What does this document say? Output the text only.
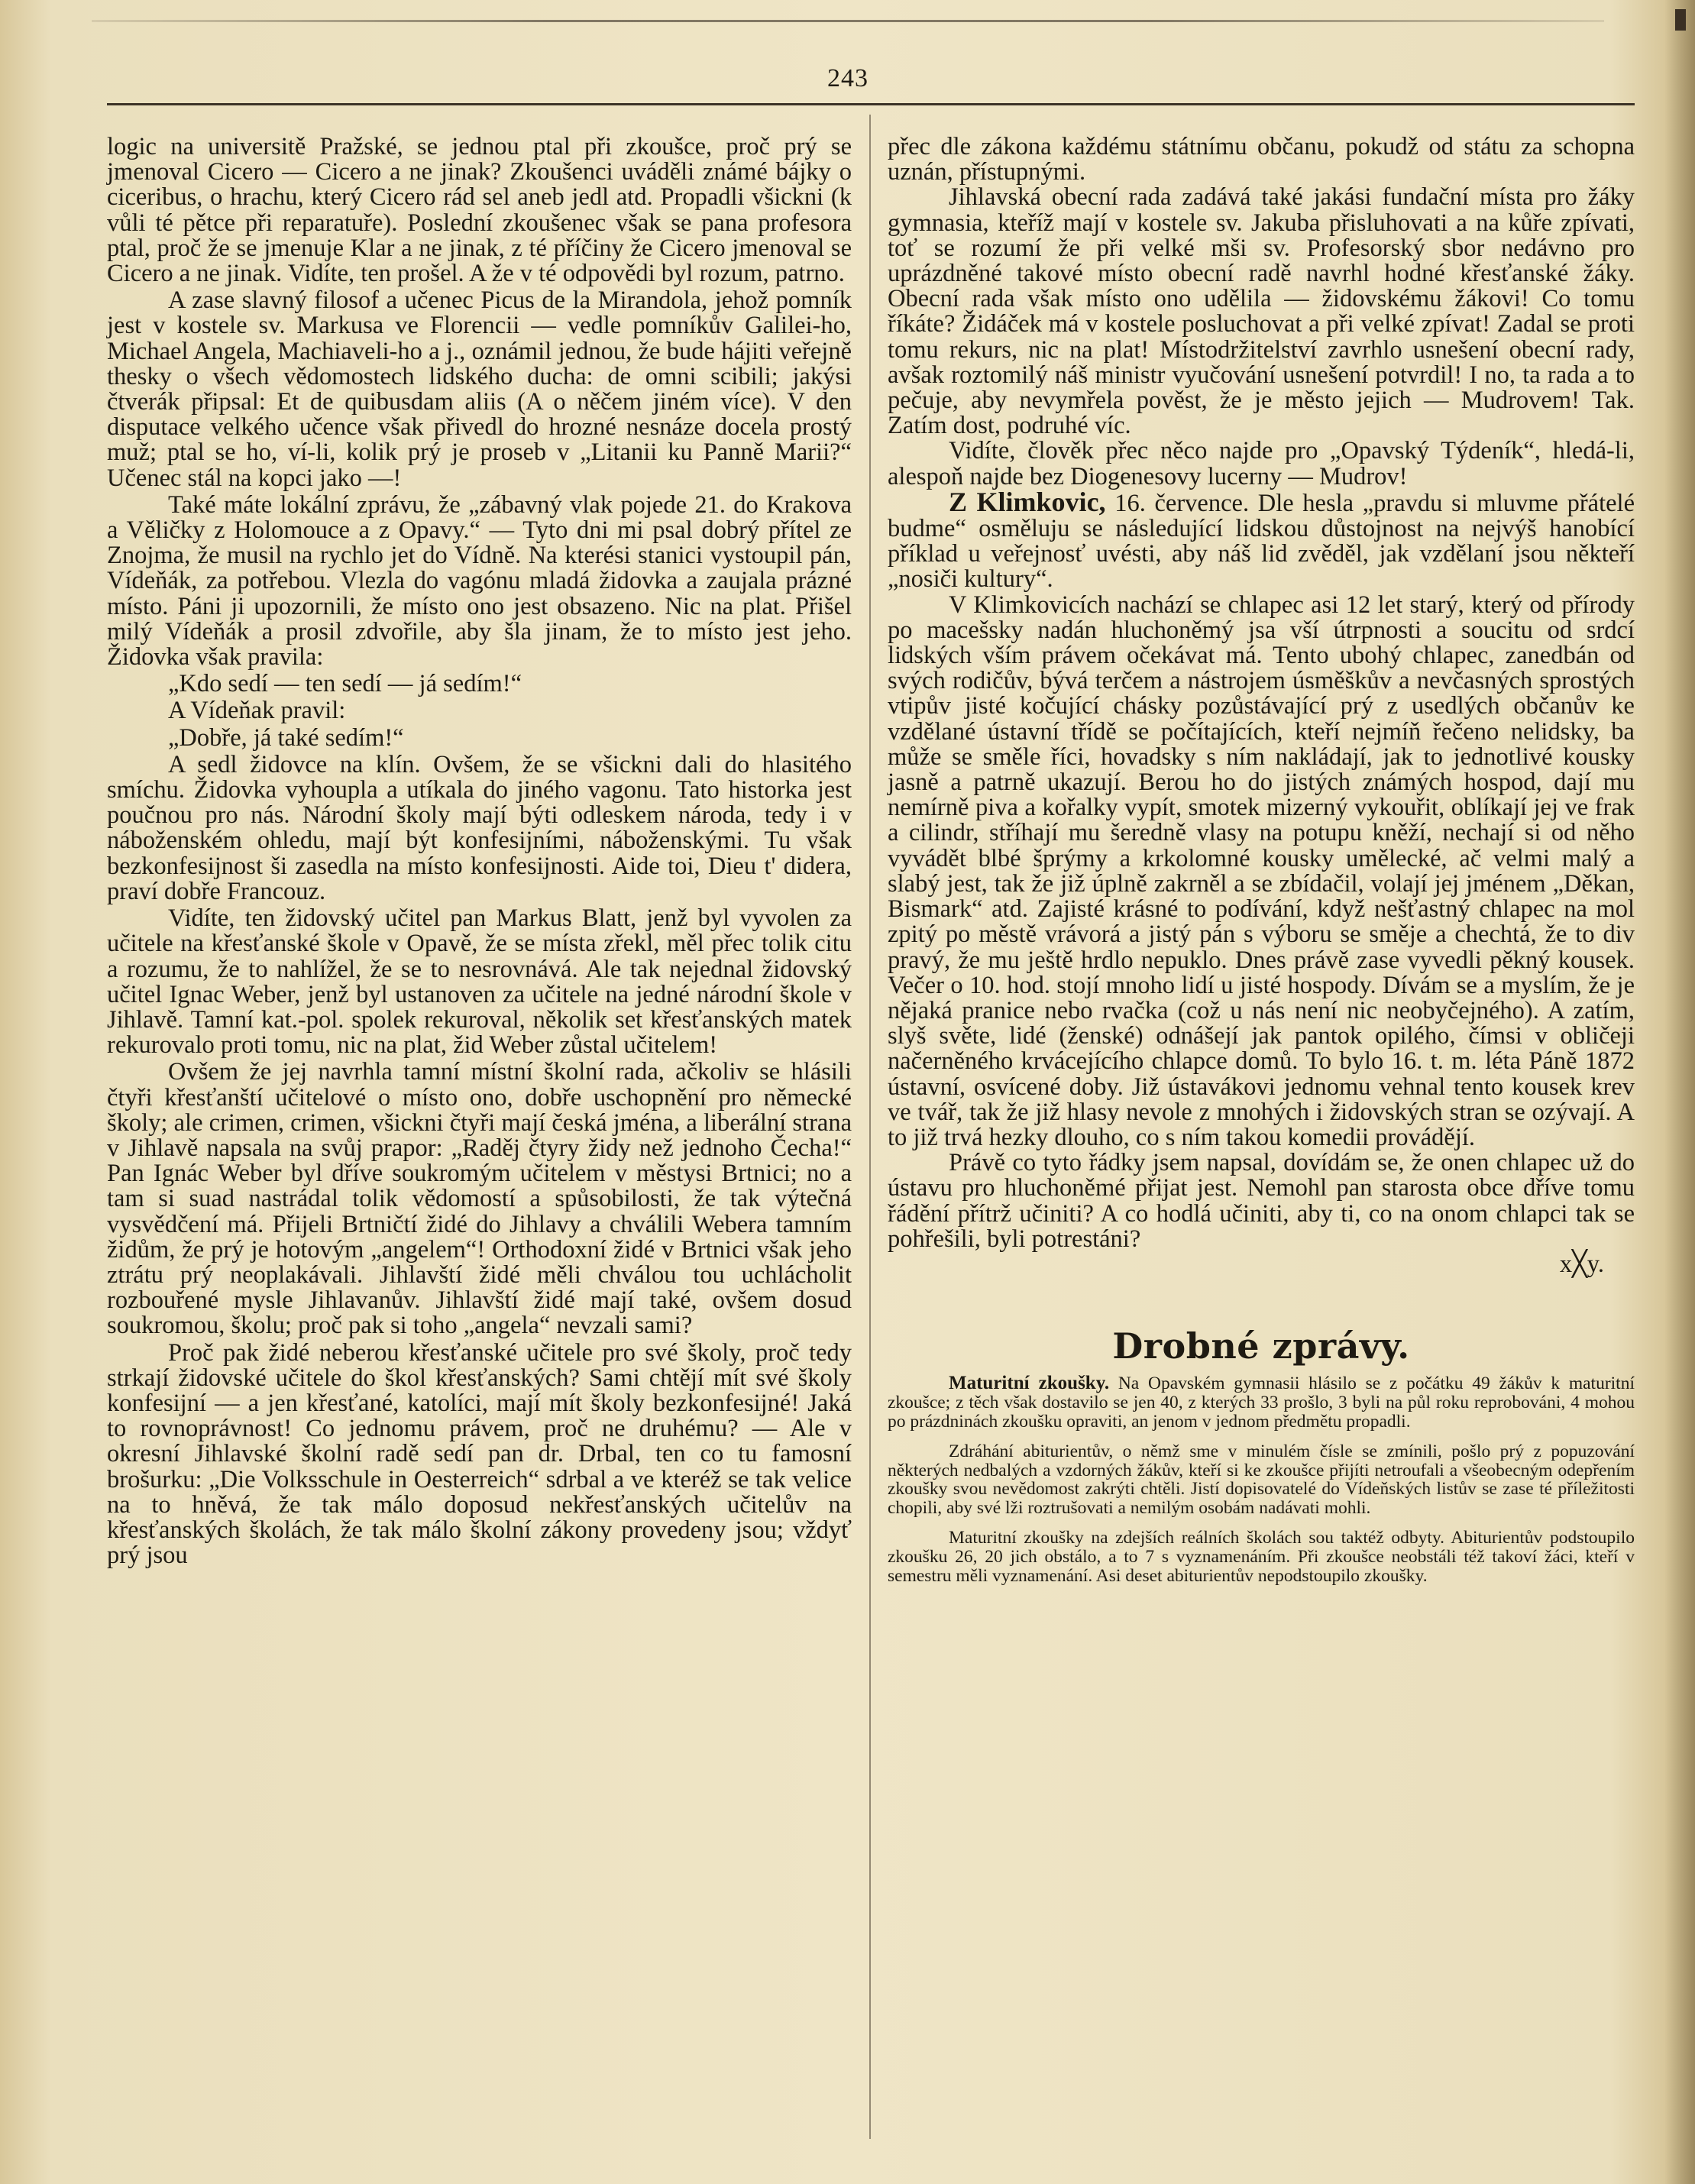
243

logic na universitě Pražské, se jednou ptal při zkoušce, proč prý se jmenoval Cicero — Cicero a ne jinak? Zkoušenci uváděli známé bájky o ciceribus, o hrachu, který Cicero rád sel aneb jedl atd. Propadli všickni (k vůli té pětce při reparatuře). Poslední zkoušenec však se pana profesora ptal, proč že se jmenuje Klar a ne jinak, z té příčiny že Cicero jmenoval se Cicero a ne jinak. Vidíte, ten prošel. A že v té odpovědi byl rozum, patrno.

A zase slavný filosof a učenec Picus de la Mirandola, jehož pomník jest v kostele sv. Markusa ve Florencii — vedle pomníkův Galilei-ho, Michael Angela, Machiaveli-ho a j., oznámil jednou, že bude hájiti veřejně thesky o všech vědomostech lidského ducha: de omni scibili; jakýsi čtverák připsal: Et de quibusdam aliis (A o něčem jiném více). V den disputace velkého učence však přivedl do hrozné nesnáze docela prostý muž; ptal se ho, ví-li, kolik prý je proseb v „Litanii ku Panně Marii?“ Učenec stál na kopci jako —!

Také máte lokální zprávu, že „zábavný vlak pojede 21. do Krakova a Věličky z Holomouce a z Opavy.“ — Tyto dni mi psal dobrý přítel ze Znojma, že musil na rychlo jet do Vídně. Na kterési stanici vystoupil pán, Vídeňák, za potřebou. Vlezla do vagónu mladá židovka a zaujala prázné místo. Páni ji upozornili, že místo ono jest obsazeno. Nic na plat. Přišel milý Vídeňák a prosil zdvořile, aby šla jinam, že to místo jest jeho. Židovka však pravila:

„Kdo sedí — ten sedí — já sedím!“

A Vídeňak pravil:

„Dobře, já také sedím!“

A sedl židovce na klín. Ovšem, že se všickni dali do hlasitého smíchu. Židovka vyhoupla a utíkala do jiného vagonu. Tato historka jest poučnou pro nás. Národní školy mají býti odleskem národa, tedy i v náboženském ohledu, mají být konfesijními, náboženskými. Tu však bezkonfesijnost ši zasedla na místo konfesijnosti. Aide toi, Dieu t' didera, praví dobře Francouz.

Vidíte, ten židovský učitel pan Markus Blatt, jenž byl vyvolen za učitele na křesťanské škole v Opavě, že se místa zřekl, měl přec tolik citu a rozumu, že to nahlížel, že se to nesrovnává. Ale tak nejednal židovský učitel Ignac Weber, jenž byl ustanoven za učitele na jedné národní škole v Jihlavě. Tamní kat.-pol. spolek rekuroval, několik set křesťanských matek rekurovalo proti tomu, nic na plat, žid Weber zůstal učitelem!

Ovšem že jej navrhla tamní místní školní rada, ačkoliv se hlásili čtyři křesťanští učitelové o místo ono, dobře uschopnění pro německé školy; ale crimen, crimen, všickni čtyři mají česká jména, a liberální strana v Jihlavě napsala na svůj prapor: „Raděj čtyry židy než jednoho Čecha!“ Pan Ignác Weber byl dříve soukromým učitelem v městysi Brtnici; no a tam si suad nastrádal tolik vědomostí a spůsobilosti, že tak výtečná vysvědčení má. Přijeli Brtničtí židé do Jihlavy a chválili Webera tamním židům, že prý je hotovým „angelem“! Orthodoxní židé v Brtnici však jeho ztrátu prý neoplakávali. Jihlavští židé měli chválou tou uchlácholit rozbouřené mysle Jihlavanův. Jihlavští židé mají také, ovšem dosud soukromou, školu; proč pak si toho „angela“ nevzali sami?

Proč pak židé neberou křesťanské učitele pro své školy, proč tedy strkají židovské učitele do škol křesťanských? Sami chtějí mít své školy konfesijní — a jen křesťané, katolíci, mají mít školy bezkonfesijné! Jaká to rovnoprávnost! Co jednomu právem, proč ne druhému? — Ale v okresní Jihlavské školní radě sedí pan dr. Drbal, ten co tu famosní brošurku: „Die Volksschule in Oesterreich“ sdrbal a ve kteréž se tak velice na to hněvá, že tak málo doposud nekřesťanských učitelův na křesťanských školách, že tak málo školní zákony provedeny jsou; vždyť prý jsou

přec dle zákona každému státnímu občanu, pokudž od státu za schopna uznán, přístupnými.

Jihlavská obecní rada zadává také jakási fundační místa pro žáky gymnasia, kteříž mají v kostele sv. Jakuba přisluhovati a na kůře zpívati, toť se rozumí že při velké mši sv. Profesorský sbor nedávno pro uprázdněné takové místo obecní radě navrhl hodné křesťanské žáky. Obecní rada však místo ono udělila — židovskému žákovi! Co tomu říkáte? Židáček má v kostele posluchovat a při velké zpívat! Zadal se proti tomu rekurs, nic na plat! Místodržitelství zavrhlo usnešení obecní rady, avšak roztomilý náš ministr vyučování usnešení potvrdil! I no, ta rada a to pečuje, aby nevymřela pověst, že je město jejich — Mudrovem! Tak. Zatím dost, podruhé víc.

Vidíte, člověk přec něco najde pro „Opavský Týdeník“, hledá-li, alespoň najde bez Diogenesovy lucerny — Mudrov!

Z Klimkovic, 16. července. Dle hesla „pravdu si mluvme přátelé budme“ osměluju se následující lidskou důstojnost na nejvýš hanobící příklad u veřejnosť uvésti, aby náš lid zvěděl, jak vzdělaní jsou někteří „nosiči kultury“.

V Klimkovicích nachází se chlapec asi 12 let starý, který od přírody po macešsky nadán hluchoněmý jsa vší útrpnosti a soucitu od srdcí lidských vším právem očekávat má. Tento ubohý chlapec, zanedbán od svých rodičův, bývá terčem a nástrojem úsměškův a nevčasných sprostých vtipův jisté kočující chásky pozůstávající prý z usedlých občanův ke vzdělané ústavní třídě se počítajících, kteří nejmíň řečeno nelidsky, ba může se směle říci, hovadsky s ním nakládají, jak to jednotlivé kousky jasně a patrně ukazují. Berou ho do jistých známých hospod, dají mu nemírně piva a kořalky vypít, smotek mizerný vykouřit, oblíkají jej ve frak a cilindr, stříhají mu šeredně vlasy na potupu kněží, nechají si od něho vyvádět blbé šprýmy a krkolomné kousky umělecké, ač velmi malý a slabý jest, tak že již úplně zakrněl a se zbídačil, volají jej jménem „Děkan, Bismark“ atd. Zajisté krásné to podívání, když nešťastný chlapec na mol zpitý po městě vrávorá a jistý pán s výboru se směje a chechtá, že to div pravý, že mu ještě hrdlo nepuklo. Dnes právě zase vyvedli pěkný kousek. Večer o 10. hod. stojí mnoho lidí u jisté hospody. Dívám se a myslím, že je nějaká pranice nebo rvačka (což u nás není nic neobyčejného). A zatím, slyš světe, lidé (ženské) odnášejí jak pantok opilého, čímsi v obličeji načerněného krvácejícího chlapce domů. To bylo 16. t. m. léta Páně 1872 ústavní, osvícené doby. Již ústavákovi jednomu vehnal tento kousek krev ve tvář, tak že již hlasy nevole z mnohých i židovských stran se ozývají. A to již trvá hezky dlouho, co s ním takou komedii provádějí.

Právě co tyto řádky jsem napsal, dovídám se, že onen chlapec už do ústavu pro hluchoněmé přijat jest. Nemohl pan starosta obce dříve tomu řádění přítrž učiniti? A co hodlá učiniti, aby ti, co na onom chlapci tak se pohřešili, byli potrestáni?

x╳y.
Drobné zprávy.

Maturitní zkoušky. Na Opavském gymnasii hlásilo se z počátku 49 žákův k maturitní zkoušce; z těch však dostavilo se jen 40, z kterých 33 prošlo, 3 byli na půl roku reprobováni, 4 mohou po prázdninách zkoušku opraviti, an jenom v jednom předmětu propadli.

Zdráhání abiturientův, o němž sme v minulém čísle se zmínili, pošlo prý z popuzování některých nedbalých a vzdorných žákův, kteří si ke zkoušce přijíti netroufali a všeobecným odepřením zkoušky svou nevědomost zakrýti chtěli. Jistí dopisovatelé do Vídeňských listův se zase té příležitosti chopili, aby své lži roztrušovati a nemilým osobám nadávati mohli.

Maturitní zkoušky na zdejších reálních školách sou taktéž odbyty. Abiturientův podstoupilo zkoušku 26, 20 jich obstálo, a to 7 s vyznamenáním. Při zkoušce neobstáli též takoví žáci, kteří v semestru měli vyznamenání. Asi deset abiturientův nepodstoupilo zkoušky.
